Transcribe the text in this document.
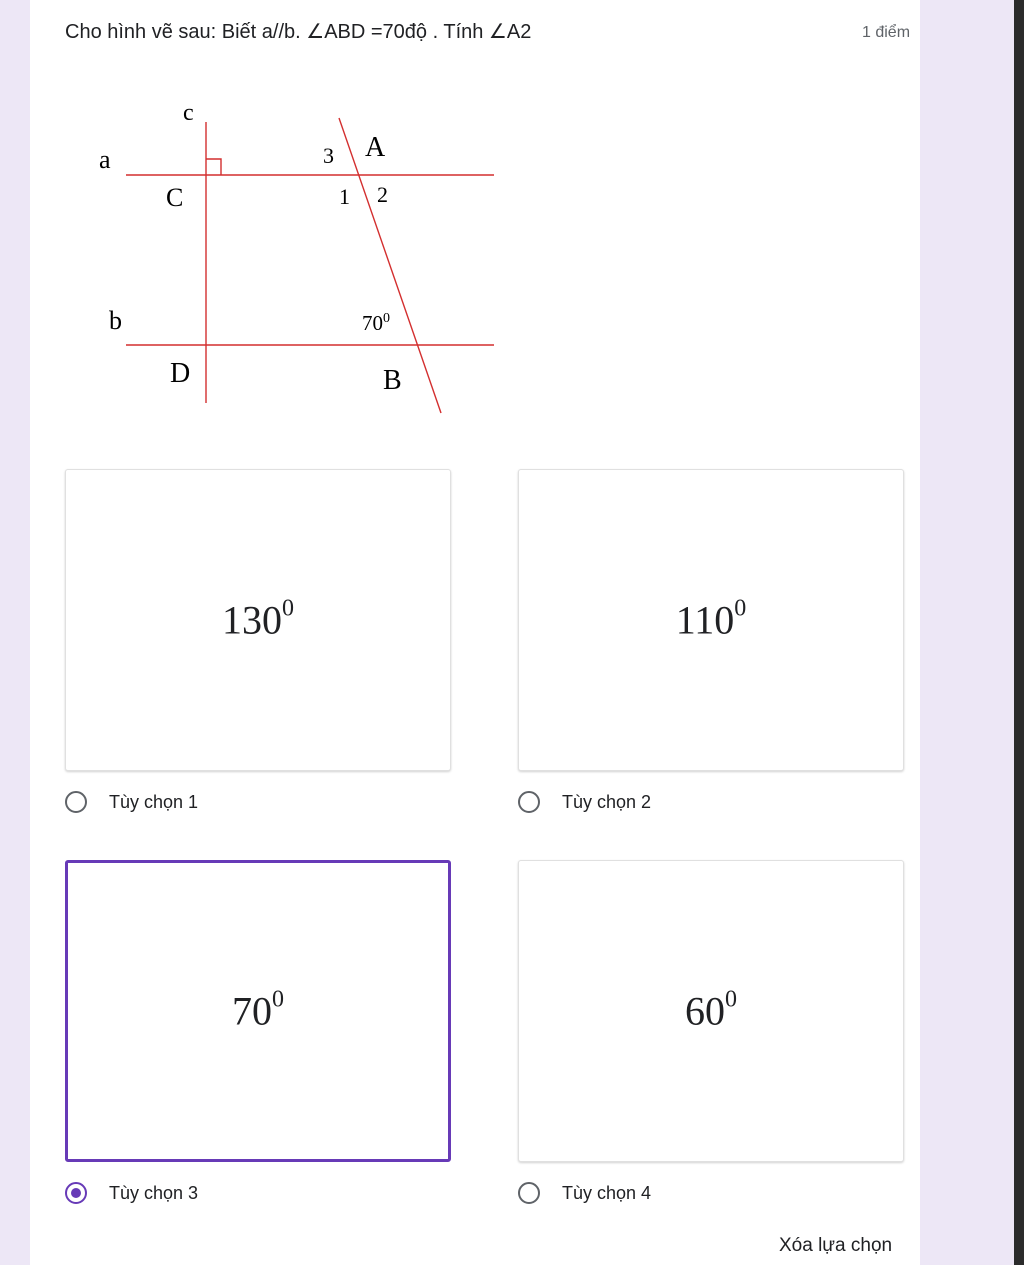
Cho hình vẽ sau: Biết a//b. ∠ABD =70độ . Tính ∠A2	1 điểm
c
a
C
3 A
1 2
b	$70^0$
D	B
$130^0$
Tùy chọn 1
$110^0$
Tùy chọn 2
$70^0$
Tùy chọn 3
$60^0$
Tùy chọn 4
Xóa lựa chọn
